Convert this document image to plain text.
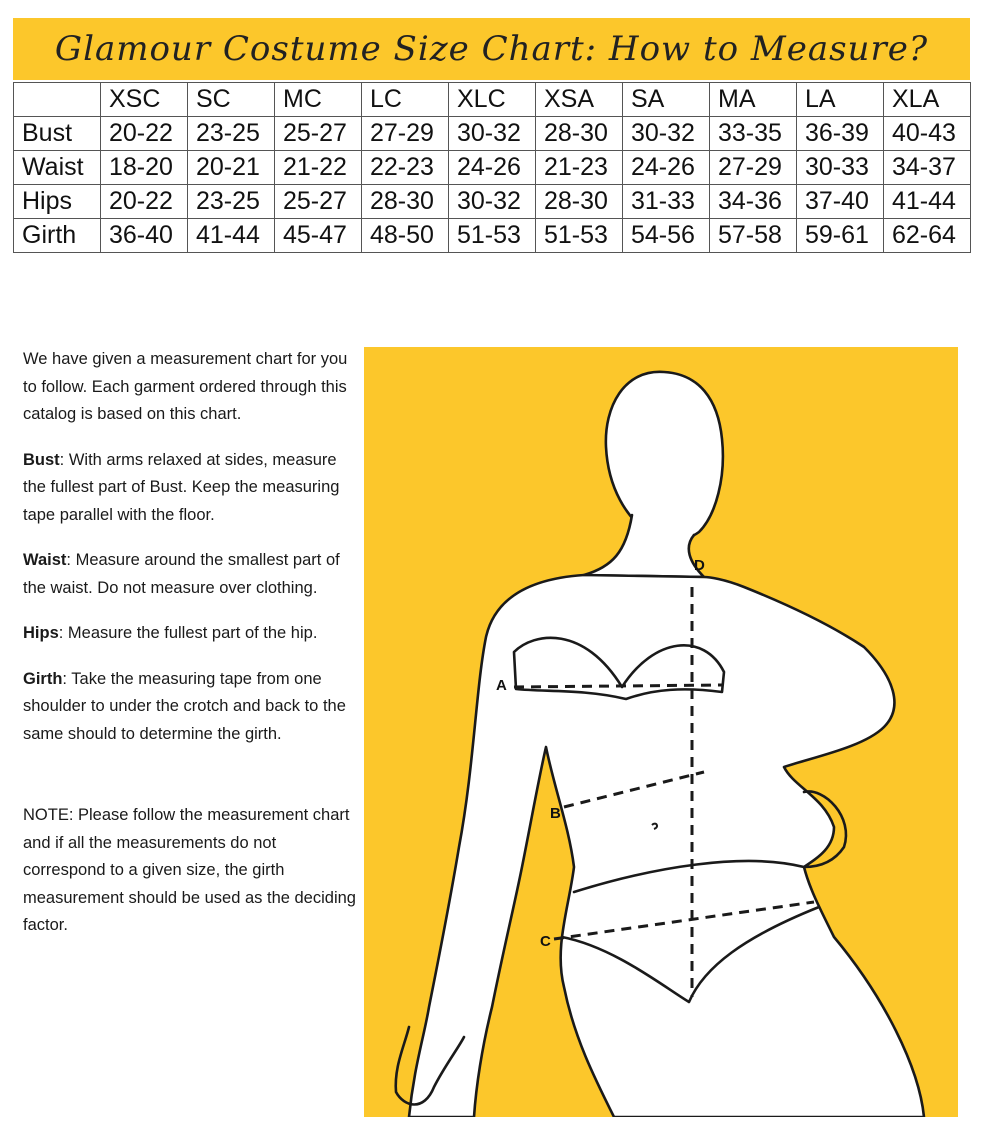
Glamour Costume Size Chart: How to Measure?
	XSC	SC	MC	LC	XLC	XSA	SA	MA	LA	XLA
Bust	20-22	23-25	25-27	27-29	30-32	28-30	30-32	33-35	36-39	40-43
Waist	18-20	20-21	21-22	22-23	24-26	21-23	24-26	27-29	30-33	34-37
Hips	20-22	23-25	25-27	28-30	30-32	28-30	31-33	34-36	37-40	41-44
Girth	36-40	41-44	45-47	48-50	51-53	51-53	54-56	57-58	59-61	62-64

We have given a measurement chart for you to follow. Each garment ordered through this catalog is based on this chart.

Bust: With arms relaxed at sides, measure the fullest part of Bust. Keep the measuring tape parallel with the floor.

Waist: Measure around the smallest part of the waist. Do not measure over clothing.

Hips: Measure the fullest part of the hip.

Girth: Take the measuring tape from one shoulder to under the crotch and back to the same should to determine the girth.

NOTE: Please follow the measurement chart and if all the measurements do not correspond to a given size, the girth measurement should be used as the deciding factor.

A
B
C
D
